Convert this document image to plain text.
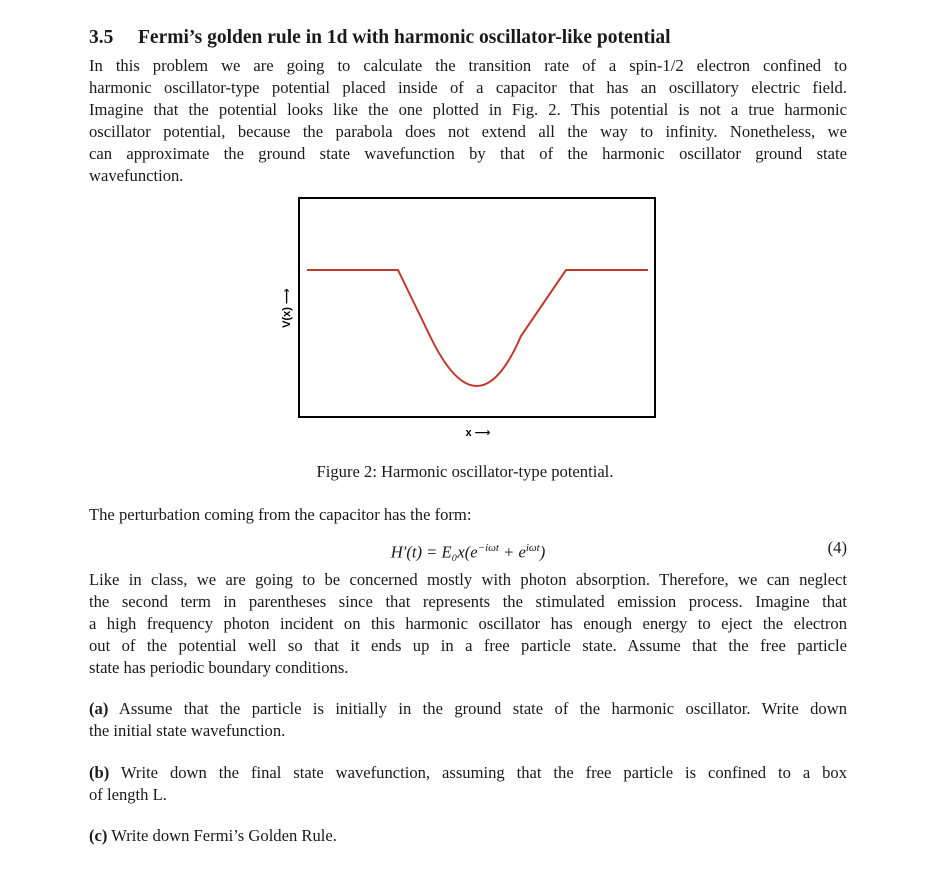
3.5 Fermi’s golden rule in 1d with harmonic oscillator-like potential
In this problem we are going to calculate the transition rate of a spin-1/2 electron confined to
harmonic oscillator-type potential placed inside of a capacitor that has an oscillatory electric field.
Imagine that the potential looks like the one plotted in Fig. 2. This potential is not a true harmonic
oscillator potential, because the parabola does not extend all the way to infinity. Nonetheless, we
can approximate the ground state wavefunction by that of the harmonic oscillator ground state
wavefunction.
V(x) ⟶
x ⟶
Figure 2: Harmonic oscillator-type potential.
The perturbation coming from the capacitor has the form:
$H'(t) = E_0x(e^{-i\omega t} + e^{i\omega t})$	(4)
Like in class, we are going to be concerned mostly with photon absorption. Therefore, we can neglect
the second term in parentheses since that represents the stimulated emission process. Imagine that
a high frequency photon incident on this harmonic oscillator has enough energy to eject the electron
out of the potential well so that it ends up in a free particle state. Assume that the free particle
state has periodic boundary conditions.
(a) Assume that the particle is initially in the ground state of the harmonic oscillator. Write down
the initial state wavefunction.
(b) Write down the final state wavefunction, assuming that the free particle is confined to a box
of length L.
(c) Write down Fermi’s Golden Rule.
